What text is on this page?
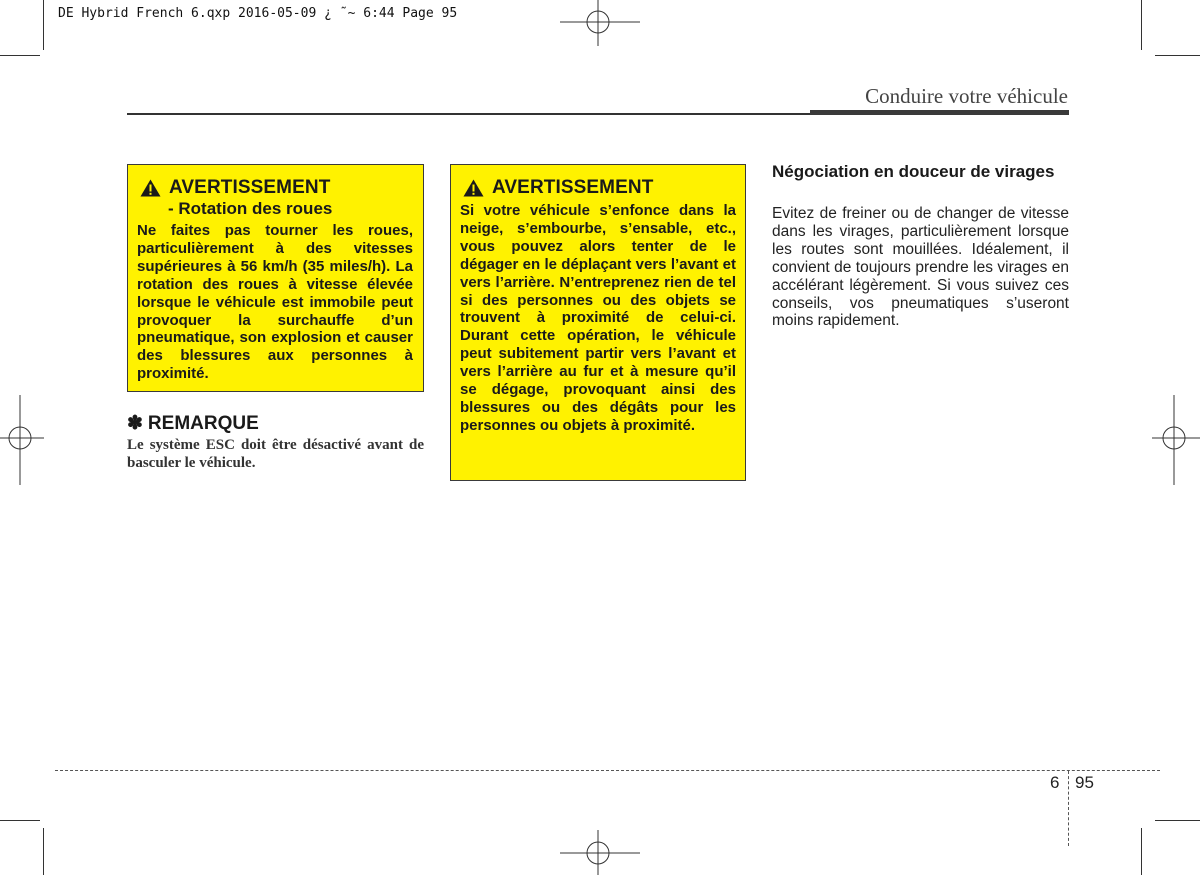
DE Hybrid French 6.qxp 2016-05-09 ¿ ˜~ 6:44 Page 95
Conduire votre véhicule
AVERTISSEMENT
- Rotation des roues

Ne faites pas tourner les roues, particulièrement à des vitesses supérieures à 56 km/h (35 miles/h). La rotation des roues à vitesse élevée lorsque le véhicule est immobile peut provoquer la surchauffe d’un pneumatique, son explosion et causer des blessures aux personnes à proximité.

✽ REMARQUE
Le système ESC doit être désactivé avant de basculer le véhicule.
AVERTISSEMENT

Si votre véhicule s’enfonce dans la neige, s’embourbe, s’ensable, etc., vous pouvez alors tenter de le dégager en le déplaçant vers l’avant et vers l’arrière. N’entreprenez rien de tel si des personnes ou des objets se trouvent à proximité de celui-ci. Durant cette opération, le véhicule peut subitement partir vers l’avant et vers l’arrière au fur et à mesure qu’il se dégage, provoquant ainsi des blessures ou des dégâts pour les personnes ou objets à proximité.

Négociation en douceur de virages
Evitez de freiner ou de changer de vitesse dans les virages, particulièrement lorsque les routes sont mouillées. Idéalement, il convient de toujours prendre les virages en accélérant légèrement. Si vous suivez ces conseils, vos pneumatiques s’useront moins rapidement.
6 95
